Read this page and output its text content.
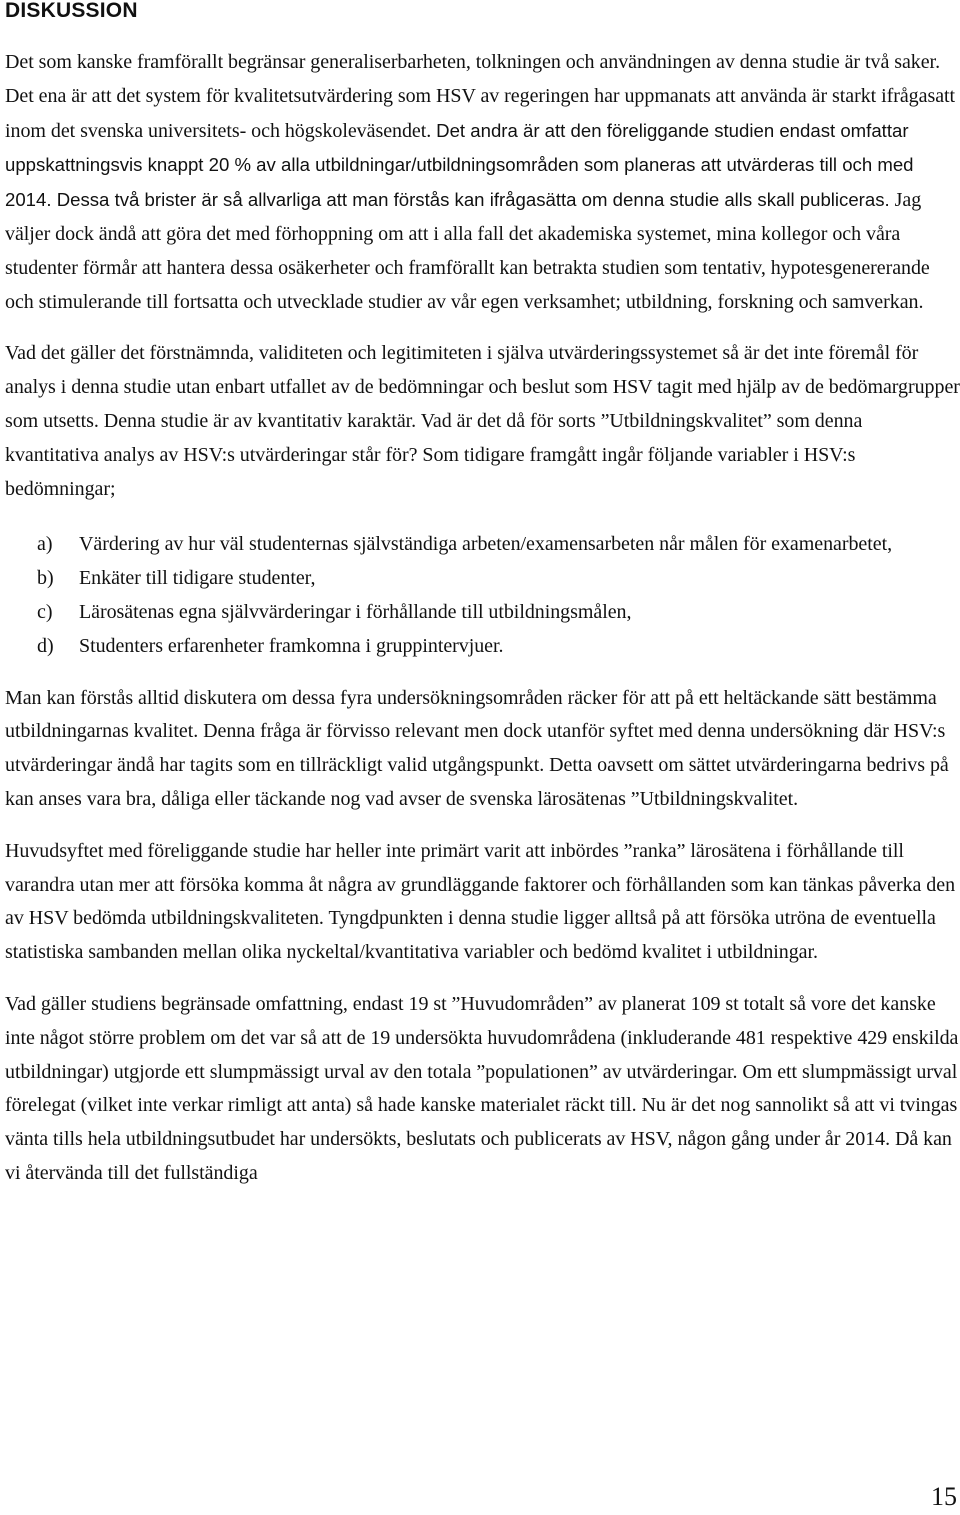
DISKUSSION

Det som kanske framförallt begränsar generaliserbarheten, tolkningen och användningen av denna studie är två saker. Det ena är att det system för kvalitetsutvärdering som HSV av regeringen har uppmanats att använda är starkt ifrågasatt inom det svenska universitets- och högskoleväsendet. Det andra är att den föreliggande studien endast omfattar uppskattningsvis knappt 20 % av alla utbildningar/utbildningsområden som planeras att utvärderas till och med 2014. Dessa två brister är så allvarliga att man förstås kan ifrågasätta om denna studie alls skall publiceras. Jag väljer dock ändå att göra det med förhoppning om att i alla fall det akademiska systemet, mina kollegor och våra studenter förmår att hantera dessa osäkerheter och framförallt kan betrakta studien som tentativ, hypotesgenererande och stimulerande till fortsatta och utvecklade studier av vår egen verksamhet; utbildning, forskning och samverkan.

Vad det gäller det förstnämnda, validiteten och legitimiteten i själva utvärderingssystemet så är det inte föremål för analys i denna studie utan enbart utfallet av de bedömningar och beslut som HSV tagit med hjälp av de bedömargrupper som utsetts. Denna studie är av kvantitativ karaktär. Vad är det då för sorts ”Utbildningskvalitet” som denna kvantitativa analys av HSV:s utvärderingar står för? Som tidigare framgått ingår följande variabler i HSV:s bedömningar;

a) Värdering av hur väl studenternas självständiga arbeten/examensarbeten når målen för examenarbetet,
b) Enkäter till tidigare studenter,
c) Lärosätenas egna självvärderingar i förhållande till utbildningsmålen,
d) Studenters erfarenheter framkomna i gruppintervjuer.

Man kan förstås alltid diskutera om dessa fyra undersökningsområden räcker för att på ett heltäckande sätt bestämma utbildningarnas kvalitet. Denna fråga är förvisso relevant men dock utanför syftet med denna undersökning där HSV:s utvärderingar ändå har tagits som en tillräckligt valid utgångspunkt. Detta oavsett om sättet utvärderingarna bedrivs på kan anses vara bra, dåliga eller täckande nog vad avser de svenska lärosätenas ”Utbildningskvalitet.

Huvudsyftet med föreliggande studie har heller inte primärt varit att inbördes ”ranka” lärosätena i förhållande till varandra utan mer att försöka komma åt några av grundläggande faktorer och förhållanden som kan tänkas påverka den av HSV bedömda utbildningskvaliteten. Tyngdpunkten i denna studie ligger alltså på att försöka utröna de eventuella statistiska sambanden mellan olika nyckeltal/kvantitativa variabler och bedömd kvalitet i utbildningar.

Vad gäller studiens begränsade omfattning, endast 19 st ”Huvudområden” av planerat 109 st totalt så vore det kanske inte något större problem om det var så att de 19 undersökta huvudområdena (inkluderande 481 respektive 429 enskilda utbildningar) utgjorde ett slumpmässigt urval av den totala ”populationen” av utvärderingar. Om ett slumpmässigt urval förelegat (vilket inte verkar rimligt att anta) så hade kanske materialet räckt till. Nu är det nog sannolikt så att vi tvingas vänta tills hela utbildningsutbudet har undersökts, beslutats och publicerats av HSV, någon gång under år 2014. Då kan vi återvända till det fullständiga

15
